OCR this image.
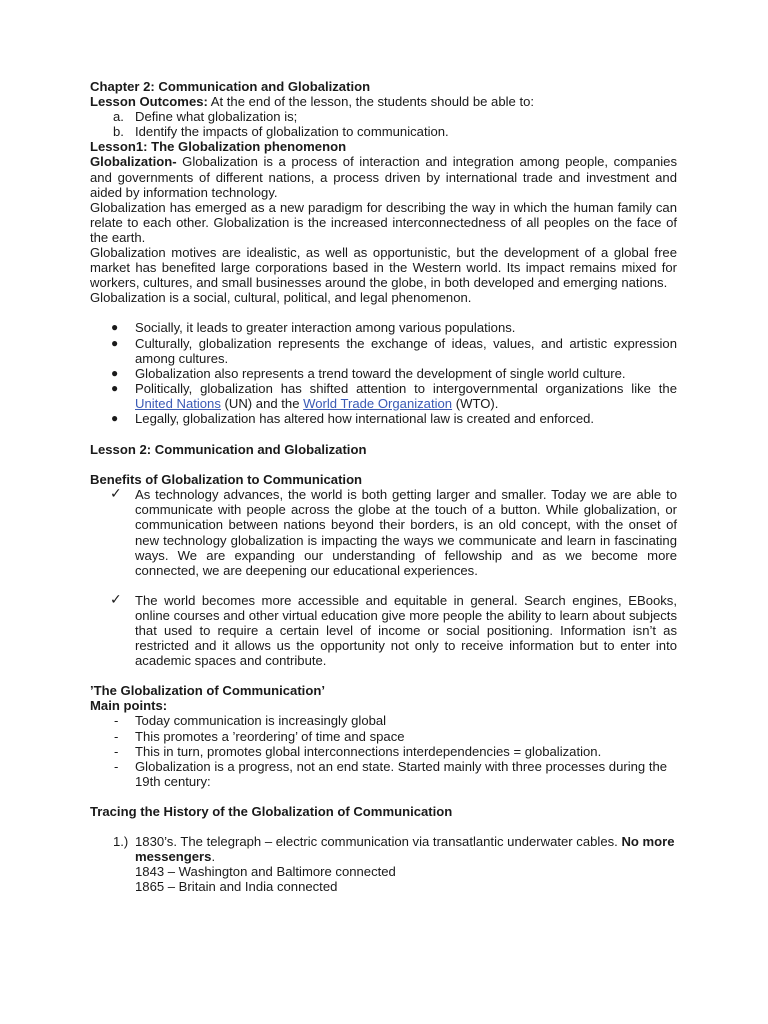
Chapter 2: Communication and Globalization

Lesson Outcomes: At the end of the lesson, the students should be able to:

a. Define what globalization is;
b. Identify the impacts of globalization to communication.

Lesson1: The Globalization phenomenon

Globalization- Globalization is a process of interaction and integration among people, companies and governments of different nations, a process driven by international trade and investment and aided by information technology.

Globalization has emerged as a new paradigm for describing the way in which the human family can relate to each other. Globalization is the increased interconnectedness of all peoples on the face of the earth.

Globalization motives are idealistic, as well as opportunistic, but the development of a global free market has benefited large corporations based in the Western world. Its impact remains mixed for workers, cultures, and small businesses around the globe, in both developed and emerging nations.

Globalization is a social, cultural, political, and legal phenomenon.

● Socially, it leads to greater interaction among various populations.
● Culturally, globalization represents the exchange of ideas, values, and artistic expression among cultures.
● Globalization also represents a trend toward the development of single world culture.
● Politically, globalization has shifted attention to intergovernmental organizations like the United Nations (UN) and the World Trade Organization (WTO).
● Legally, globalization has altered how international law is created and enforced.

Lesson 2: Communication and Globalization

Benefits of Globalization to Communication

✓ As technology advances, the world is both getting larger and smaller. Today we are able to communicate with people across the globe at the touch of a button. While globalization, or communication between nations beyond their borders, is an old concept, with the onset of new technology globalization is impacting the ways we communicate and learn in fascinating ways. We are expanding our understanding of fellowship and as we become more connected, we are deepening our educational experiences.
✓ The world becomes more accessible and equitable in general. Search engines, EBooks, online courses and other virtual education give more people the ability to learn about subjects that used to require a certain level of income or social positioning. Information isn’t as restricted and it allows us the opportunity not only to receive information but to enter into academic spaces and contribute.

’The Globalization of Communication’

Main points:

- Today communication is increasingly global
- This promotes a ’reordering’ of time and space
- This in turn, promotes global interconnections interdependencies = globalization.
- Globalization is a progress, not an end state. Started mainly with three processes during the 19th century:

Tracing the History of the Globalization of Communication

1.) 1830’s. The telegraph – electric communication via transatlantic underwater cables. No more messengers.
1843 – Washington and Baltimore connected
1865 – Britain and India connected
